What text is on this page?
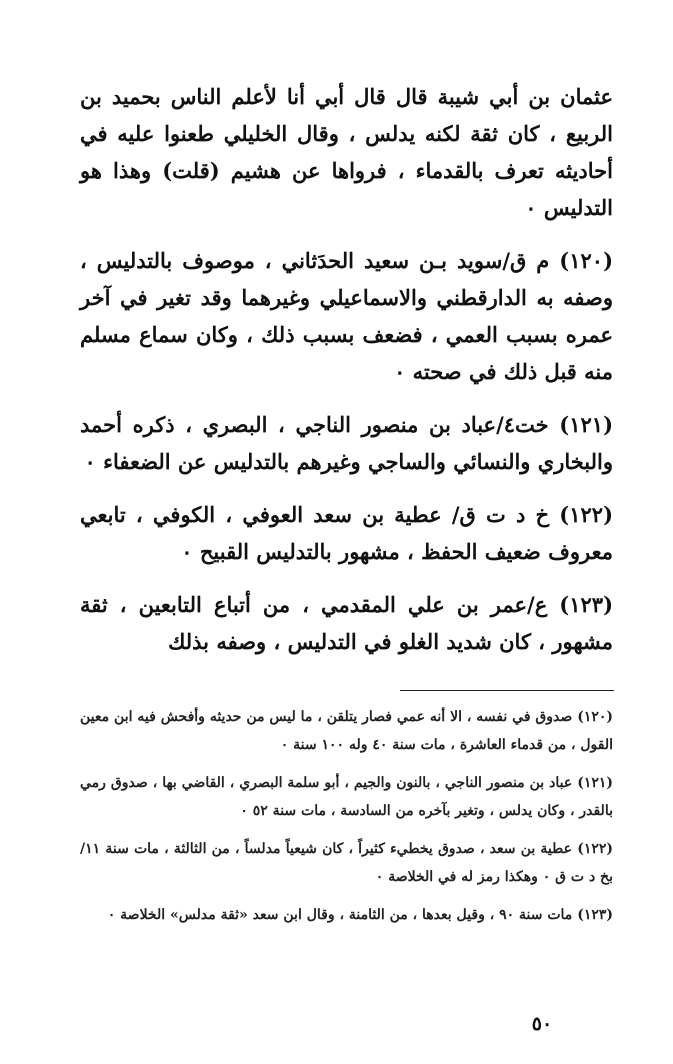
عثمان بن أبي شيبة قال قال أبي أنا لأعلم الناس بحميد بن الربيع ، كان ثقة لكنه يدلس ، وقال الخليلي طعنوا عليه في أحاديثه تعرف بالقدماء ، فرواها عن هشيم (قلت) وهذا هو التدليس ٠

(١٢٠) م ق/سويد بـن سعيد الحدَثاني ، موصوف بالتدليس ، وصفه به الدارقطني والاسماعيلي وغيرهما وقد تغير في آخر عمره بسبب العمي ، فضعف بسبب ذلك ، وكان سماع مسلم منه قبل ذلك في صحته ٠

(١٢١) خت٤/عباد بن منصور الناجي ، البصري ، ذكره أحمد والبخاري والنسائي والساجي وغيرهم بالتدليس عن الضعفاء ٠

(١٢٢) خ د ت ق/ عطية بن سعد العوفي ، الكوفي ، تابعي معروف ضعيف الحفظ ، مشهور بالتدليس القبيح ٠

(١٢٣) ع/عمر بن علي المقدمي ، من أتباع التابعين ، ثقة مشهور ، كان شديد الغلو في التدليس ، وصفه بذلك

(١٢٠) صدوق في نفسه ، الا أنه عمي فصار يتلقن ، ما ليس من حديثه وأفحش فيه ابن معين القول ، من قدماء العاشرة ، مات سنة ٤٠ وله ١٠٠ سنة ٠

(١٢١) عباد بن منصور الناجي ، بالنون والجيم ، أبو سلمة البصري ، القاضي بها ، صدوق رمي بالقدر ، وكان يدلس ، وتغير بآخره من السادسة ، مات سنة ٥٢ ٠

(١٢٢) عطية بن سعد ، صدوق يخطيء كثيراً ، كان شيعياً مدلساً ، من الثالثة ، مات سنة ١١/بخ د ت ق ٠ وهكذا رمز له في الخلاصة ٠

(١٢٣) مات سنة ٩٠ ، وقيل بعدها ، من الثامنة ، وقال ابن سعد «ثقة مدلس» الخلاصة ٠

٥٠
